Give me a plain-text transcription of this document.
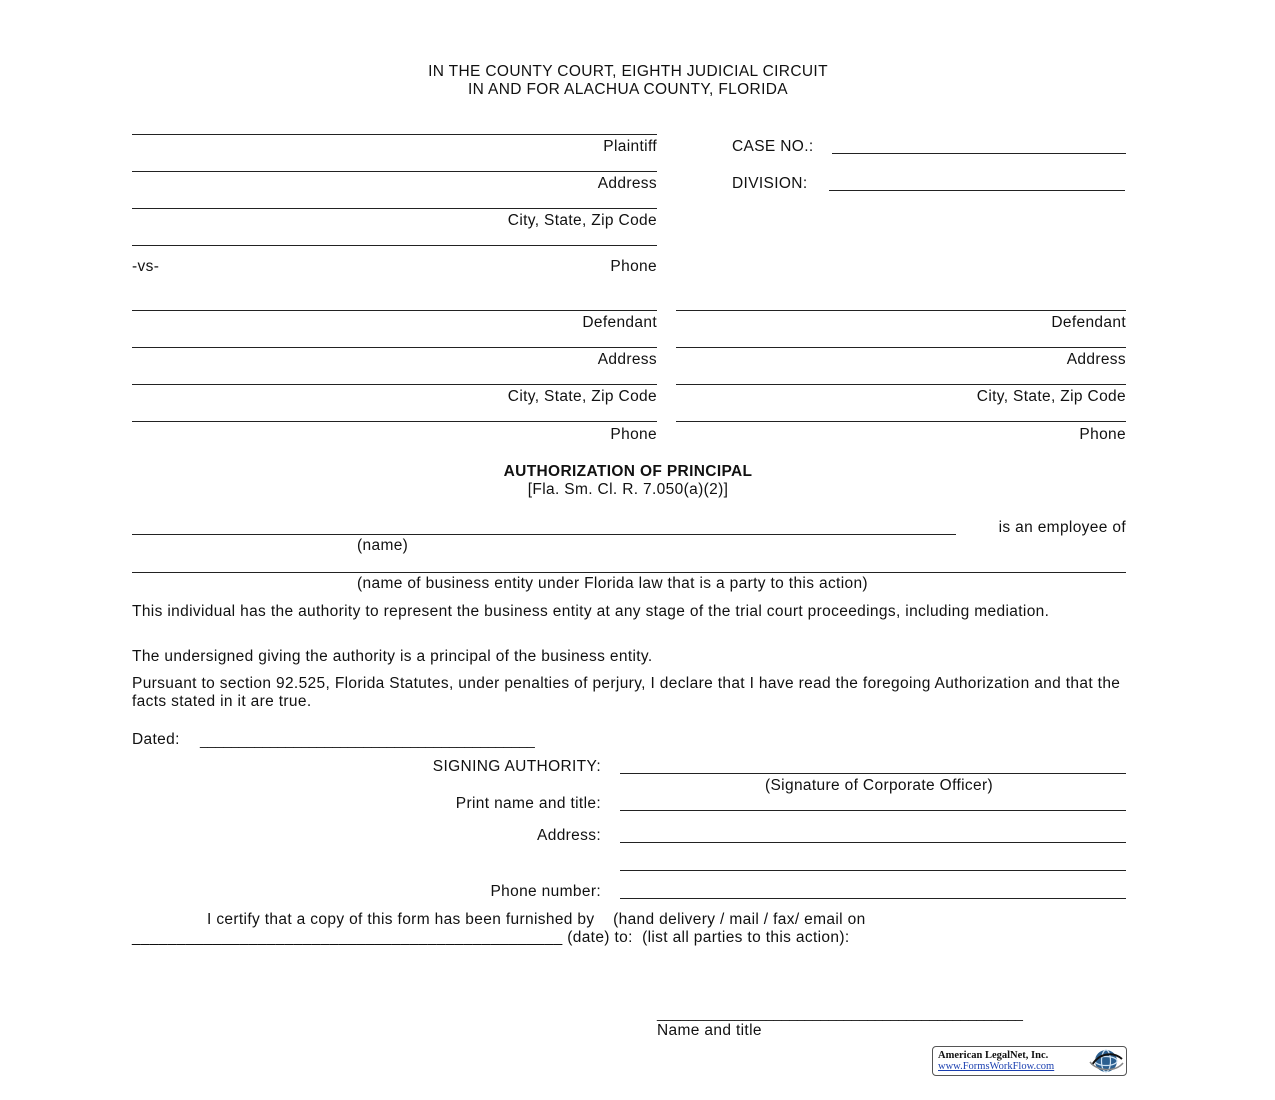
IN THE COUNTY COURT, EIGHTH JUDICIAL CIRCUIT
IN AND FOR ALACHUA COUNTY, FLORIDA
Plaintiff
Address
City, State, Zip Code
-vs-	Phone
CASE NO.:
DIVISION:
Defendant
Address
City, State, Zip Code
Phone
Defendant
Address
City, State, Zip Code
Phone
AUTHORIZATION OF PRINCIPAL
[Fla. Sm. Cl. R. 7.050(a)(2)]
is an employee of
(name)
(name of business entity under Florida law that is a party to this action)
This individual has the authority to represent the business entity at any stage of the trial court proceedings, including mediation.
The undersigned giving the authority is a principal of the business entity.
Pursuant to section 92.525, Florida Statutes, under penalties of perjury, I declare that I have read the foregoing Authorization and that the facts stated in it are true.
Dated: ___________________________________________
SIGNING AUTHORITY:
(Signature of Corporate Officer)
Print name and title:
Address:
Phone number:
I certify that a copy of this form has been furnished by    (hand delivery / mail / fax/ email on
________________________________________________ (date) to:  (list all parties to this action):
_______________________________________________
Name and title
American LegalNet, Inc.
www.FormsWorkFlow.com
